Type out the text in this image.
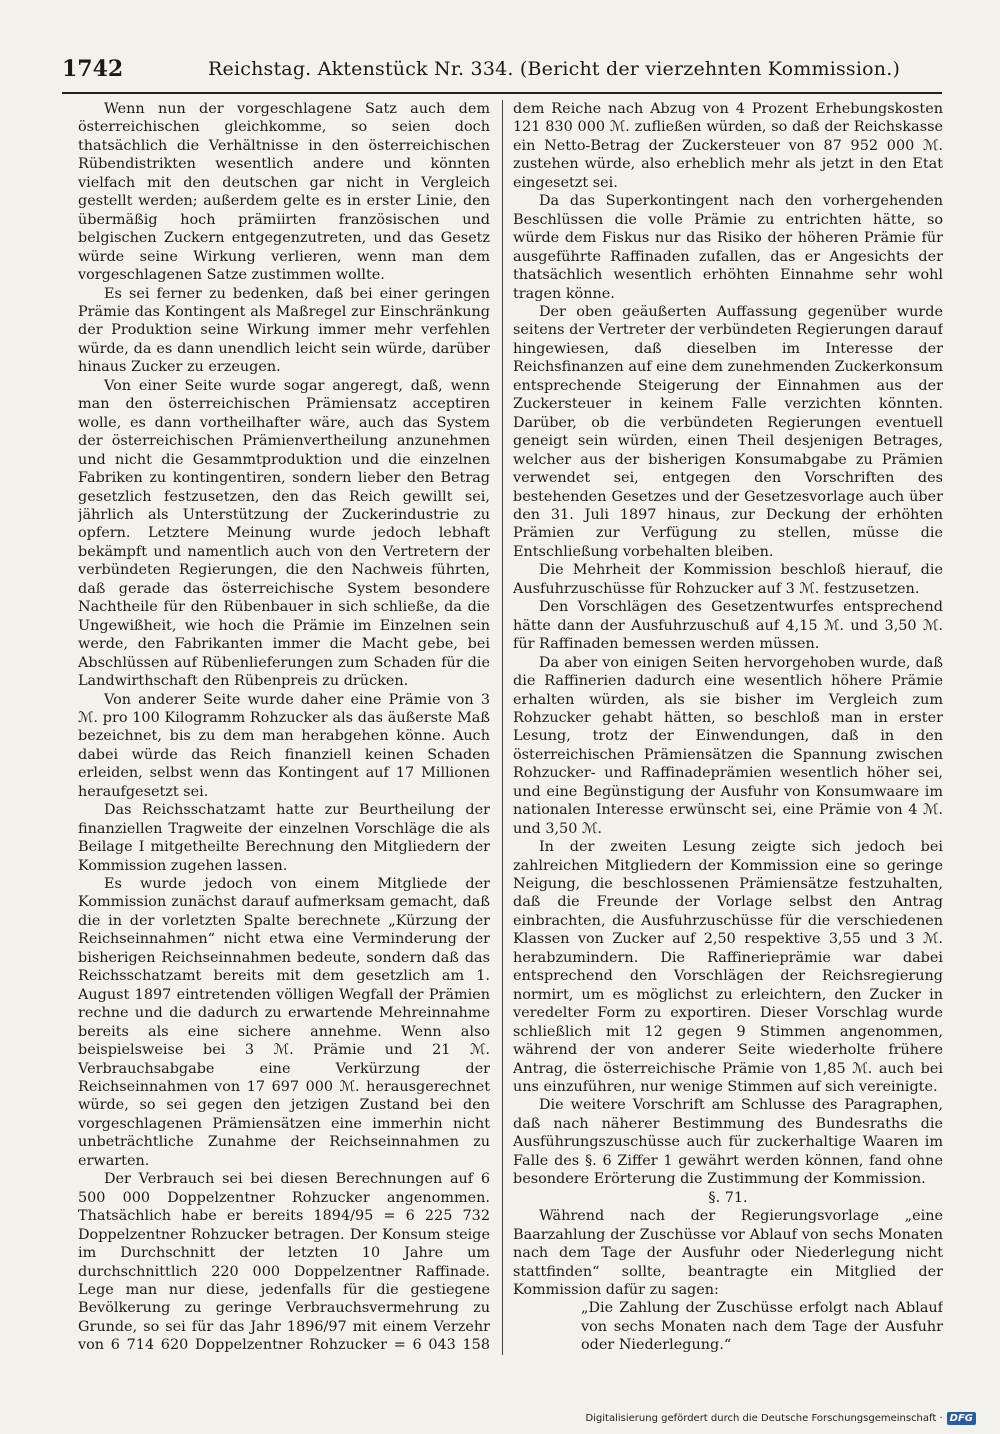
1742	Reichstag. Aktenstück Nr. 334. (Bericht der vierzehnten Kommission.)

Wenn nun der vorgeschlagene Satz auch dem österreichischen gleichkomme, so seien doch thatsächlich die Verhältnisse in den österreichischen Rübendistrikten wesentlich andere und könnten vielfach mit den deutschen gar nicht in Vergleich gestellt werden; außerdem gelte es in erster Linie, den übermäßig hoch prämiirten französischen und belgischen Zuckern entgegenzutreten, und das Gesetz würde seine Wirkung verlieren, wenn man dem vorgeschlagenen Satze zustimmen wollte.

Es sei ferner zu bedenken, daß bei einer geringen Prämie das Kontingent als Maßregel zur Einschränkung der Produktion seine Wirkung immer mehr verfehlen würde, da es dann unendlich leicht sein würde, darüber hinaus Zucker zu erzeugen.

Von einer Seite wurde sogar angeregt, daß, wenn man den österreichischen Prämiensatz acceptiren wolle, es dann vortheilhafter wäre, auch das System der österreichischen Prämienvertheilung anzunehmen und nicht die Gesammtproduktion und die einzelnen Fabriken zu kontingentiren, sondern lieber den Betrag gesetzlich festzusetzen, den das Reich gewillt sei, jährlich als Unterstützung der Zuckerindustrie zu opfern. Letztere Meinung wurde jedoch lebhaft bekämpft und namentlich auch von den Vertretern der verbündeten Regierungen, die den Nachweis führten, daß gerade das österreichische System besondere Nachtheile für den Rübenbauer in sich schließe, da die Ungewißheit, wie hoch die Prämie im Einzelnen sein werde, den Fabrikanten immer die Macht gebe, bei Abschlüssen auf Rübenlieferungen zum Schaden für die Landwirthschaft den Rübenpreis zu drücken.

Von anderer Seite wurde daher eine Prämie von 3 ℳ. pro 100 Kilogramm Rohzucker als das äußerste Maß bezeichnet, bis zu dem man herabgehen könne. Auch dabei würde das Reich finanziell keinen Schaden erleiden, selbst wenn das Kontingent auf 17 Millionen heraufgesetzt sei.

Das Reichsschatzamt hatte zur Beurtheilung der finanziellen Tragweite der einzelnen Vorschläge die als Beilage I mitgetheilte Berechnung den Mitgliedern der Kommission zugehen lassen.

Es wurde jedoch von einem Mitgliede der Kommission zunächst darauf aufmerksam gemacht, daß die in der vorletzten Spalte berechnete „Kürzung der Reichseinnahmen“ nicht etwa eine Verminderung der bisherigen Reichseinnahmen bedeute, sondern daß das Reichsschatzamt bereits mit dem gesetzlich am 1. August 1897 eintretenden völligen Wegfall der Prämien rechne und die dadurch zu erwartende Mehreinnahme bereits als eine sichere annehme. Wenn also beispielsweise bei 3 ℳ. Prämie und 21 ℳ. Verbrauchsabgabe eine Verkürzung der Reichseinnahmen von 17 697 000 ℳ. herausgerechnet würde, so sei gegen den jetzigen Zustand bei den vorgeschlagenen Prämiensätzen eine immerhin nicht unbeträchtliche Zunahme der Reichseinnahmen zu erwarten.

Der Verbrauch sei bei diesen Berechnungen auf 6 500 000 Doppelzentner Rohzucker angenommen. Thatsächlich habe er bereits 1894/95 = 6 225 732 Doppelzentner Rohzucker betragen. Der Konsum steige im Durchschnitt der letzten 10 Jahre um durchschnittlich 220 000 Doppelzentner Raffinade. Lege man nur diese, jedenfalls für die gestiegene Bevölkerung zu geringe Verbrauchsvermehrung zu Grunde, so sei für das Jahr 1896/97 mit einem Verzehr von 6 714 620 Doppelzentner Rohzucker = 6 043 158

dem Reiche nach Abzug von 4 Prozent Erhebungskosten 121 830 000 ℳ. zufließen würden, so daß der Reichskasse ein Netto-Betrag der Zuckersteuer von 87 952 000 ℳ. zustehen würde, also erheblich mehr als jetzt in den Etat eingesetzt sei.

Da das Superkontingent nach den vorhergehenden Beschlüssen die volle Prämie zu entrichten hätte, so würde dem Fiskus nur das Risiko der höheren Prämie für ausgeführte Raffinaden zufallen, das er Angesichts der thatsächlich wesentlich erhöhten Einnahme sehr wohl tragen könne.

Der oben geäußerten Auffassung gegenüber wurde seitens der Vertreter der verbündeten Regierungen darauf hingewiesen, daß dieselben im Interesse der Reichsfinanzen auf eine dem zunehmenden Zuckerkonsum entsprechende Steigerung der Einnahmen aus der Zuckersteuer in keinem Falle verzichten könnten. Darüber, ob die verbündeten Regierungen eventuell geneigt sein würden, einen Theil desjenigen Betrages, welcher aus der bisherigen Konsumabgabe zu Prämien verwendet sei, entgegen den Vorschriften des bestehenden Gesetzes und der Gesetzesvorlage auch über den 31. Juli 1897 hinaus, zur Deckung der erhöhten Prämien zur Verfügung zu stellen, müsse die Entschließung vorbehalten bleiben.

Die Mehrheit der Kommission beschloß hierauf, die Ausfuhrzuschüsse für Rohzucker auf 3 ℳ. festzusetzen.

Den Vorschlägen des Gesetzentwurfes entsprechend hätte dann der Ausfuhrzuschuß auf 4,15 ℳ. und 3,50 ℳ. für Raffinaden bemessen werden müssen.

Da aber von einigen Seiten hervorgehoben wurde, daß die Raffinerien dadurch eine wesentlich höhere Prämie erhalten würden, als sie bisher im Vergleich zum Rohzucker gehabt hätten, so beschloß man in erster Lesung, trotz der Einwendungen, daß in den österreichischen Prämiensätzen die Spannung zwischen Rohzucker- und Raffinadeprämien wesentlich höher sei, und eine Begünstigung der Ausfuhr von Konsumwaare im nationalen Interesse erwünscht sei, eine Prämie von 4 ℳ. und 3,50 ℳ.

In der zweiten Lesung zeigte sich jedoch bei zahlreichen Mitgliedern der Kommission eine so geringe Neigung, die beschlossenen Prämiensätze festzuhalten, daß die Freunde der Vorlage selbst den Antrag einbrachten, die Ausfuhrzuschüsse für die verschiedenen Klassen von Zucker auf 2,50 respektive 3,55 und 3 ℳ. herabzumindern. Die Raffinerieprämie war dabei entsprechend den Vorschlägen der Reichsregierung normirt, um es möglichst zu erleichtern, den Zucker in veredelter Form zu exportiren. Dieser Vorschlag wurde schließlich mit 12 gegen 9 Stimmen angenommen, während der von anderer Seite wiederholte frühere Antrag, die österreichische Prämie von 1,85 ℳ. auch bei uns einzuführen, nur wenige Stimmen auf sich vereinigte.

Die weitere Vorschrift am Schlusse des Paragraphen, daß nach näherer Bestimmung des Bundesraths die Ausführungszuschüsse auch für zuckerhaltige Waaren im Falle des §. 6 Ziffer 1 gewährt werden können, fand ohne besondere Erörterung die Zustimmung der Kommission.

§. 71.

Während nach der Regierungsvorlage „eine Baarzahlung der Zuschüsse vor Ablauf von sechs Monaten nach dem Tage der Ausfuhr oder Niederlegung nicht stattfinden“ sollte, beantragte ein Mitglied der Kommission dafür zu sagen:

„Die Zahlung der Zuschüsse erfolgt nach Ablauf von sechs Monaten nach dem Tage der Ausfuhr oder Niederlegung.“

Digitalisierung gefördert durch die Deutsche Forschungsgemeinschaft · DFG
